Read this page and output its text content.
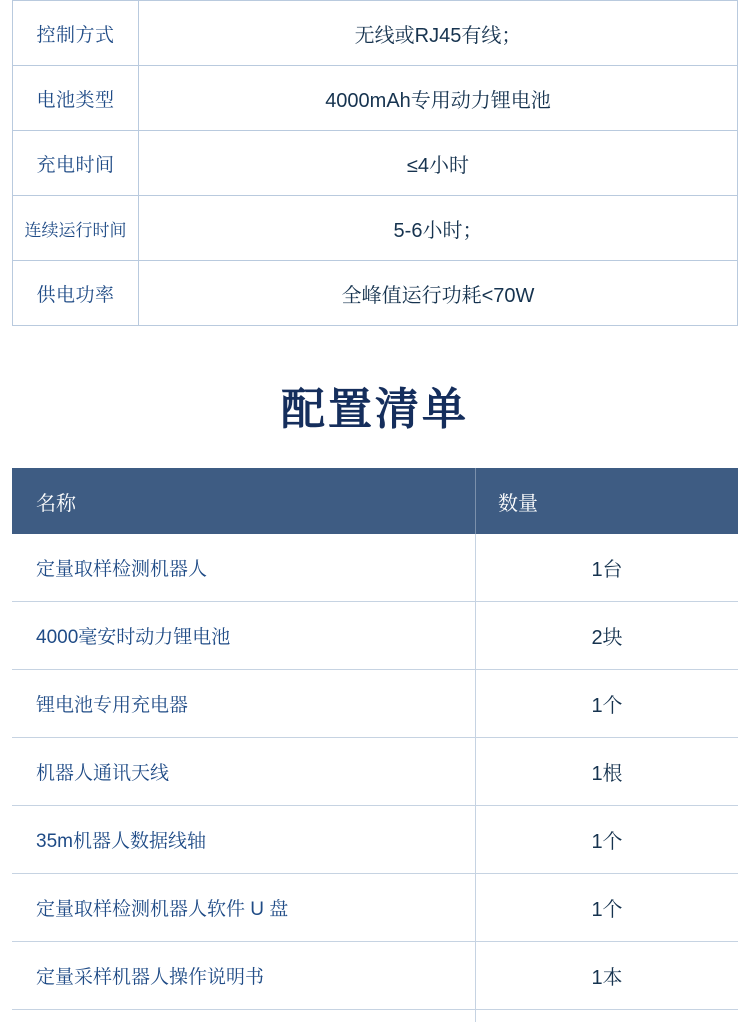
控制方式	无线或RJ45有线；
电池类型	4000mAh专用动力锂电池
充电时间	≤4小时
连续运行时间	5-6小时；
供电功率	全峰值运行功耗<70W
配置清单
名称	数量
定量取样检测机器人	1台
4000毫安时动力锂电池	2块
锂电池专用充电器	1个
机器人通讯天线	1根
35m机器人数据线轴	1个
定量取样检测机器人软件 U 盘	1个
定量采样机器人操作说明书	1本
